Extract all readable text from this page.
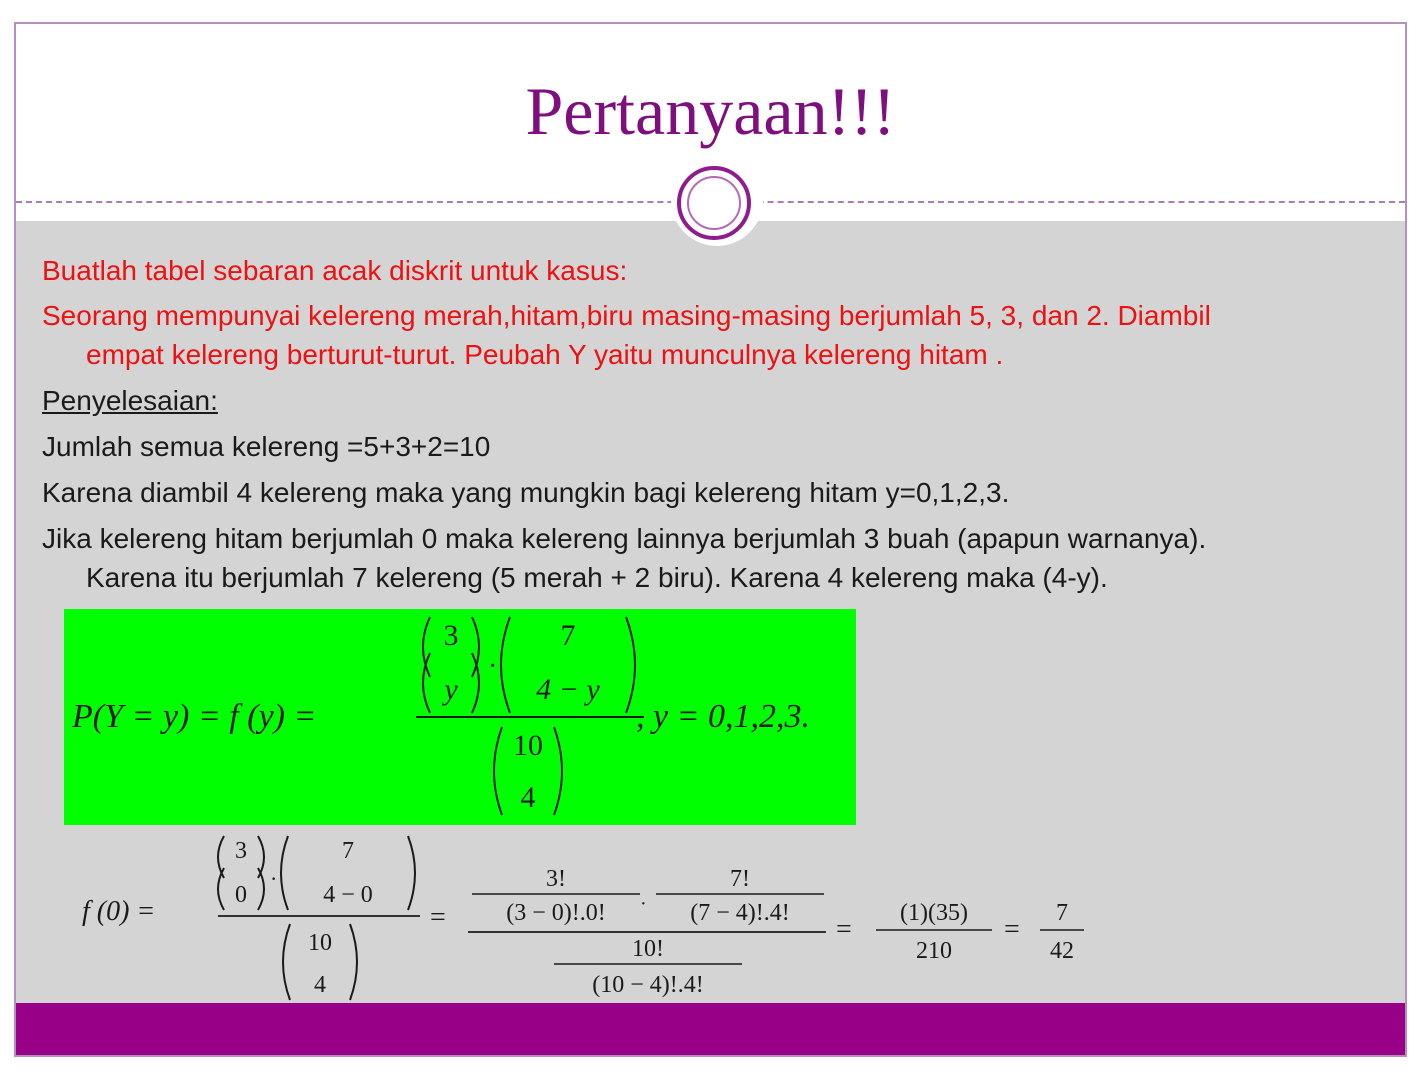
Pertanyaan!!!
Buatlah tabel sebaran acak diskrit untuk kasus:
Seorang mempunyai kelereng merah,hitam,biru masing-masing berjumlah 5, 3, dan 2. Diambil
empat kelereng berturut-turut. Peubah Y yaitu munculnya kelereng hitam .
Penyelesaian:
Jumlah semua kelereng =5+3+2=10
Karena diambil 4 kelereng maka yang mungkin bagi kelereng hitam y=0,1,2,3.
Jika kelereng hitam berjumlah 0 maka kelereng lainnya berjumlah 3 buah (apapun warnanya).
Karena itu berjumlah 7 kelereng (5 merah + 2 biru). Karena 4 kelereng maka (4-y).
P(Y = y) = f (y) =
3
y
·
7
4 − y
10
4
, y = 0,1,2,3.
f (0) =
3
0
·
7
4 − 0
10
4
=
3!
(3 − 0)!.0! ·
7!
(7 − 4)!.4!
10!
(10 − 4)!.4!
=
(1)(35)
210
=
7
42
